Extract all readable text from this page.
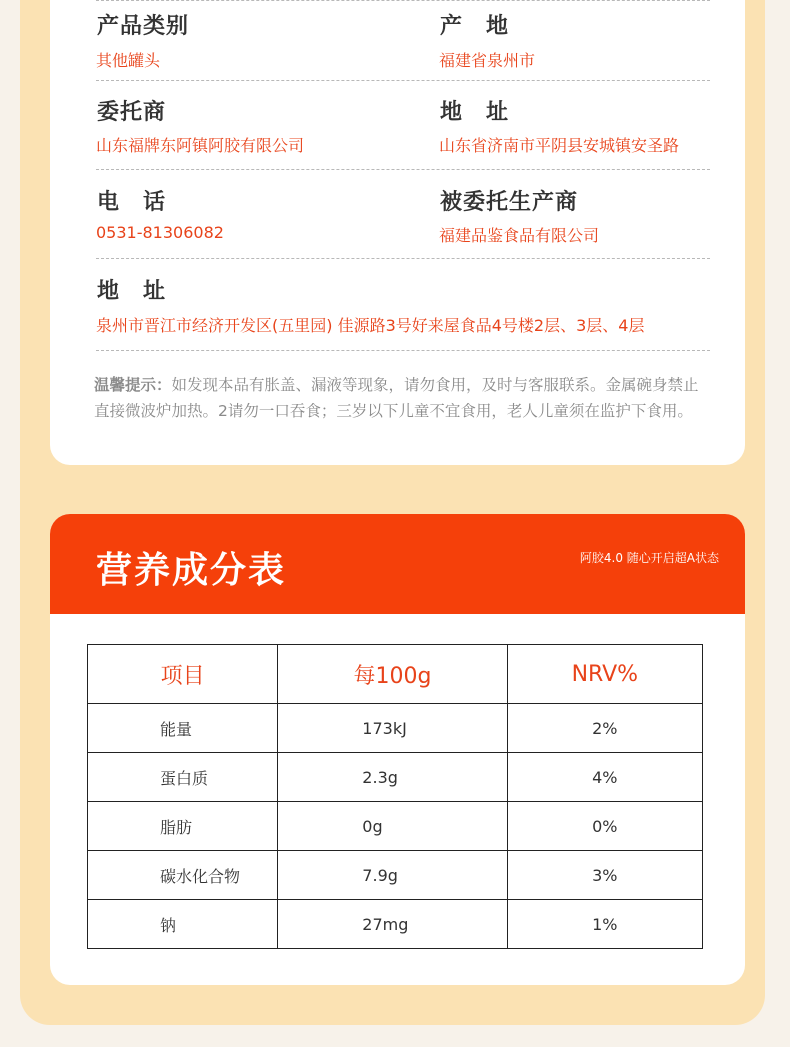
产品类别	产　地
其他罐头	福建省泉州市
委托商	地　址
山东福牌东阿镇阿胶有限公司	山东省济南市平阴县安城镇安圣路
电　话	被委托生产商
0531-81306082	福建品鉴食品有限公司
地　址
泉州市晋江市经济开发区(五里园) 佳源路3号好来屋食品4号楼2层、3层、4层
温馨提示：如发现本品有胀盖、漏液等现象，请勿食用，及时与客服联系。金属碗身禁止直接微波炉加热。2请勿一口吞食；三岁以下儿童不宜食用，老人儿童须在监护下食用。
营养成分表	阿胶4.0 随心开启超A状态
项目	每100g	NRV%
能量	173kJ	2%
蛋白质	2.3g	4%
脂肪	0g	0%
碳水化合物	7.9g	3%
钠	27mg	1%
